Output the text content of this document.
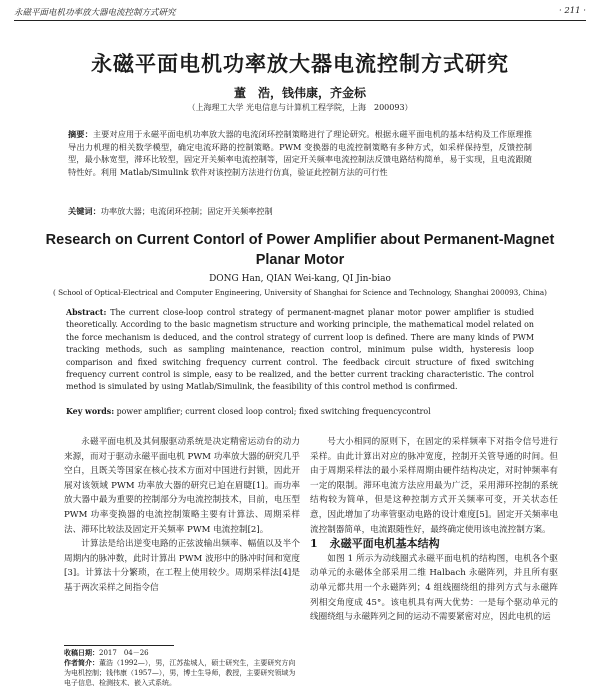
永磁平面电机功率放大器电流控制方式研究	· 211 ·
永磁平面电机功率放大器电流控制方式研究
董　浩，钱伟康，齐金标
（上海理工大学 光电信息与计算机工程学院，上海　200093）
摘要：主要对应用于永磁平面电机功率放大器的电流闭环控制策略进行了理论研究。根据永磁平面电机的基本结构及工作原理推导出力机理的相关数学模型，确定电流环路的控制策略。PWM 变换器的电流控制策略有多种方式，如采样保持型，反馈控制型，最小脉宽型，滞环比较型，固定开关频率电流控制等，固定开关频率电流控制法反馈电路结构简单，易于实现，且电流跟随特性好。利用 Matlab/Simulink 软件对该控制方法进行仿真，验证此控制方法的可行性
关键词：功率放大器；电流闭环控制；固定开关频率控制
Research on Current Contorl of Power Amplifier about Permanent-Magnet Planar Motor
DONG Han, QIAN Wei-kang, QI Jin-biao
( School of Optical-Electrical and Computer Engineering, University of Shanghai for Science and Technology, Shanghai 200093, China)
Abstract: The current close-loop control strategy of permanent-magnet planar motor power amplifier is studied theoretically. According to the basic magnetism structure and working principle, the mathematical model related on the force mechanism is deduced, and the control strategy of current loop is defined. There are many kinds of PWM tracking methods, such as sampling maintenance, reaction control, minimum pulse width, hysteresis loop comparison and fixed switching frequency current control. The feedback circuit structure of fixed switching frequency current control is simple, easy to be realized, and the better current tracking characteristic. The control method is simulated by using Matlab/Simulink, the feasibility of this control method is confirmed.
Key words: power amplifier; current closed loop control; fixed switching frequencycontrol

永磁平面电机及其伺服驱动系统是决定精密运动台的动力来源，而对于驱动永磁平面电机 PWM 功率放大器的研究几乎空白，且既关等国家在核心技术方面对中国进行封锁，因此开展对该领域 PWM 功率放大器的研究已迫在眉睫[1]。而功率放大器中最为重要的控制部分为电流控制技术，目前，电压型 PWM 功率变换器的电流控制策略主要有计算法、周期采样法、滞环比较法及固定开关频率 PWM 电流控制[2]。

计算法是给出逆变电路的正弦波输出频率、幅值以及半个周期内的脉冲数，此时计算出 PWM 波形中的脉冲时间和宽度[3]。计算法十分繁琐，在工程上使用较少。周期采样法[4]是基于两次采样之间指令信

号大小相同的原则下，在固定的采样频率下对指令信号进行采样。由此计算出对应的脉冲宽度，控制开关管导通的时间。但由于周期采样法的最小采样周期由硬件结构决定，对时钟频率有一定的限制。滞环电流方法应用最为广泛，采用滞环控制的系统结构较为简单，但是这种控制方式开关频率可变，开关状态任意，因此增加了功率管驱动电路的设计难度[5]。固定开关频率电流控制器简单，电流跟随性好，最终确定使用该电流控制方案。

1 永磁平面电机基本结构

如图 1 所示为动线圈式永磁平面电机的结构图，电机各个驱动单元的永磁体全部采用二维 Halbach 永磁阵列，并且所有驱动单元都共用一个永磁阵列；4 组线圈绕组的排列方式与永磁阵列相交角度成 45°。该电机具有两大优势：一是每个驱动单元的线圈绕组与永磁阵列之间的运动不需要紧密对应，因此电机的运

收稿日期：2017　04－26
作者简介：董浩（1992—），男，江苏盐城人，硕士研究生，主要研究方向为电机控制；钱伟康（1957—），男，博士生导师，教授，主要研究领域为电子信息、检测技术、嵌入式系统。
